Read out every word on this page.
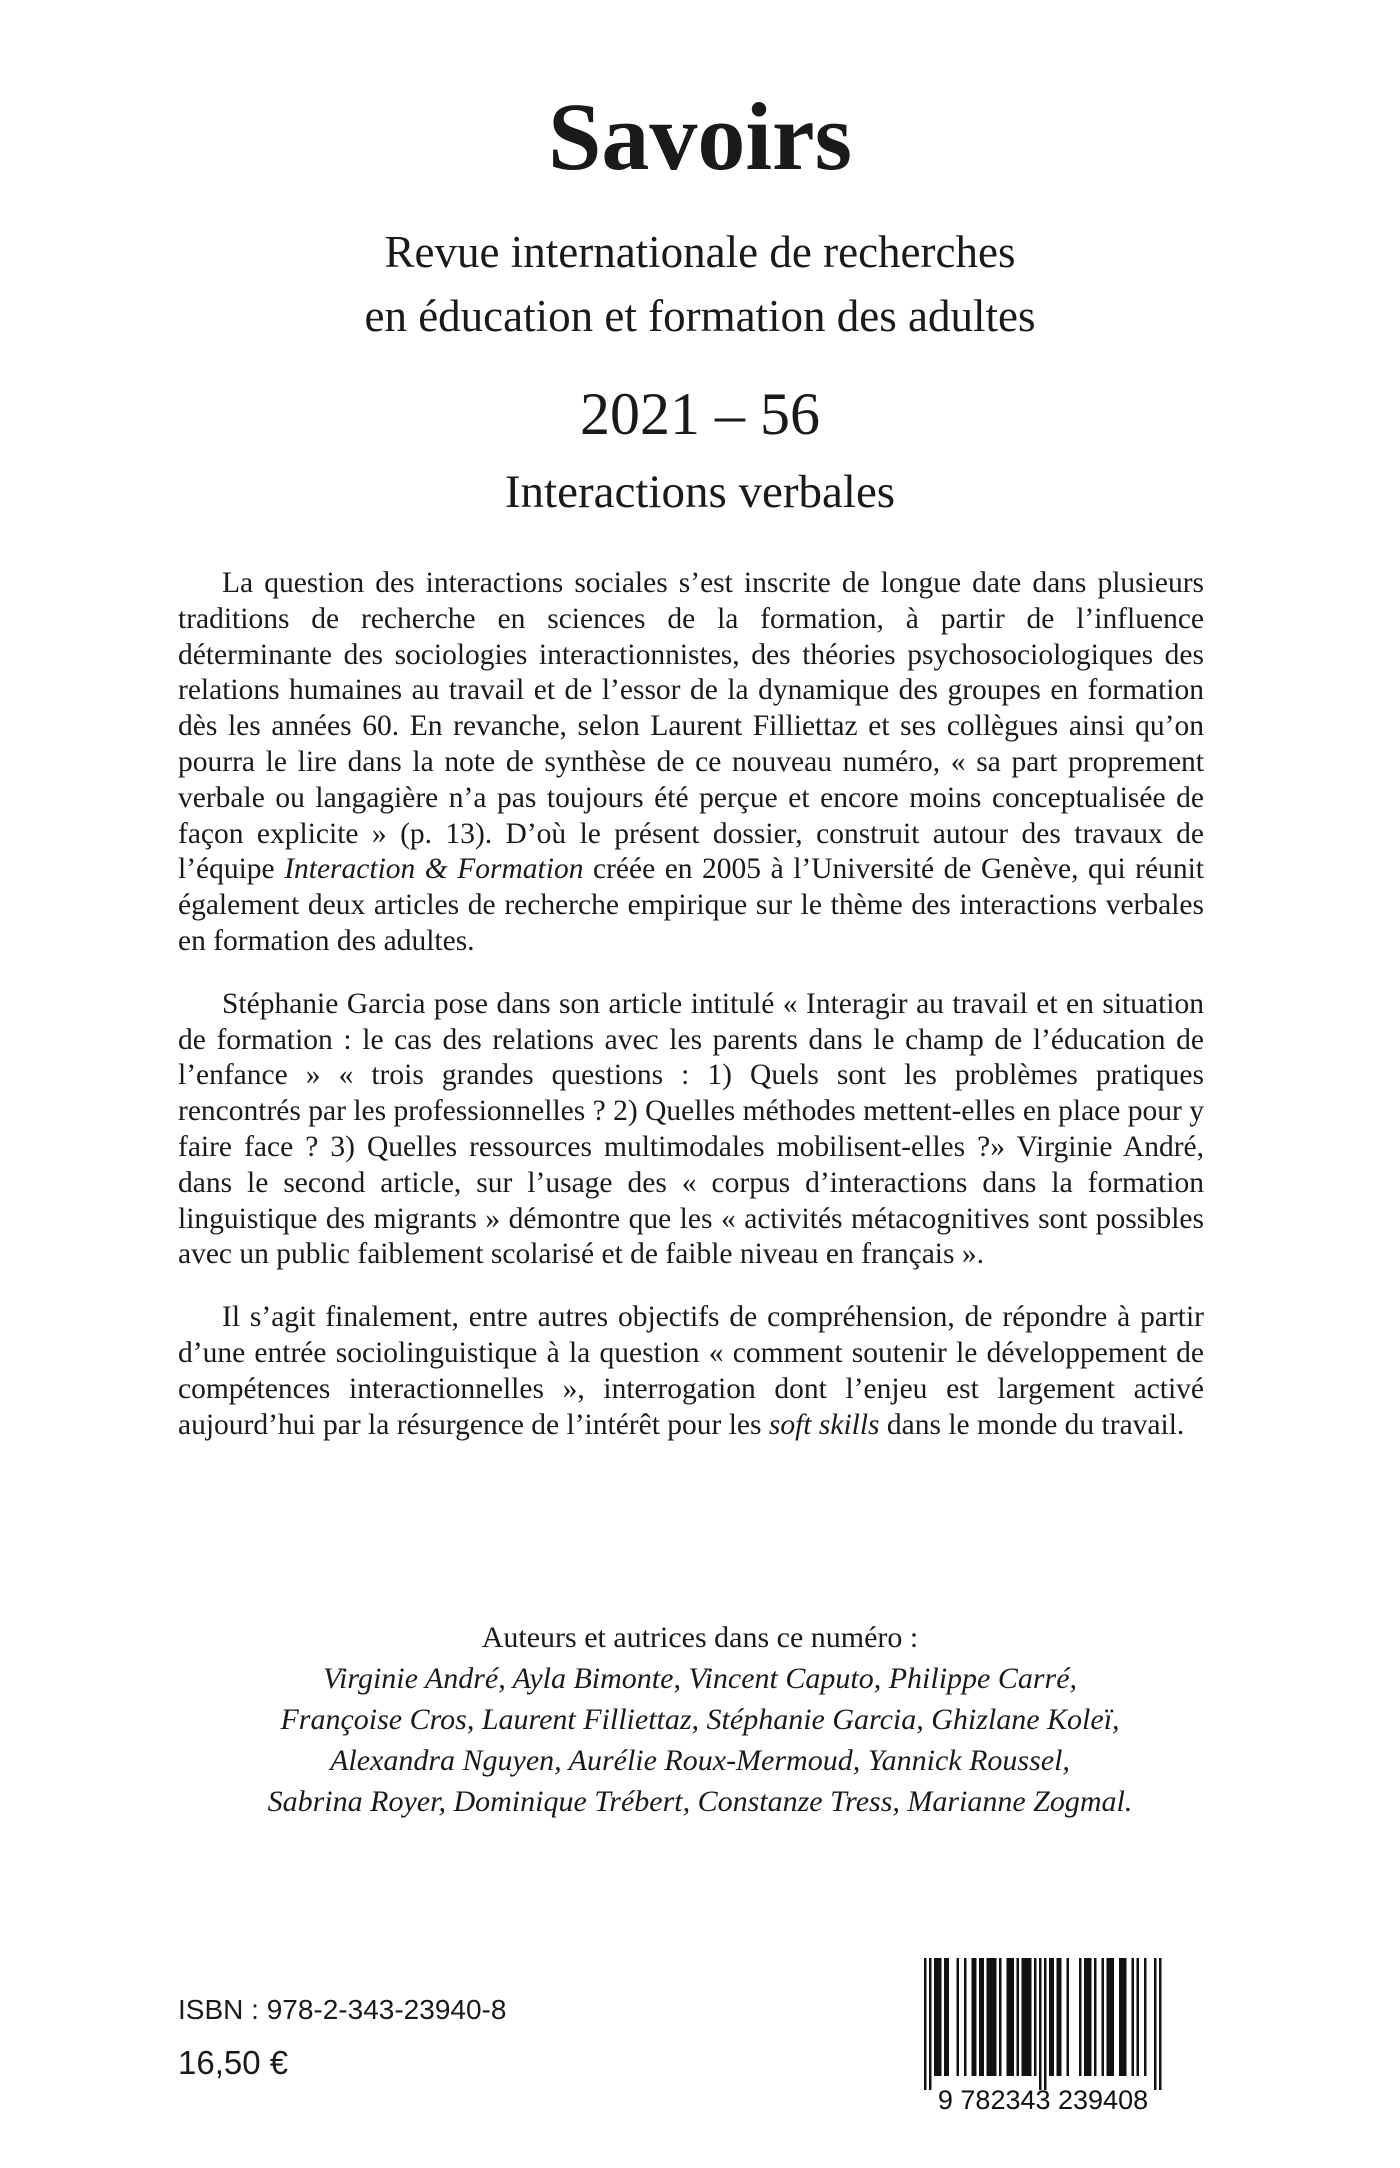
Savoirs
Revue internationale de recherches
en éducation et formation des adultes
2021 – 56
Interactions verbales

La question des interactions sociales s’est inscrite de longue date dans plusieurs traditions de recherche en sciences de la formation, à partir de l’influence déterminante des sociologies interactionnistes, des théories psychosociologiques des relations humaines au travail et de l’essor de la dynamique des groupes en formation dès les années 60. En revanche, selon Laurent Filliettaz et ses collègues ainsi qu’on pourra le lire dans la note de synthèse de ce nouveau numéro, « sa part proprement verbale ou langagière n’a pas toujours été perçue et encore moins conceptualisée de façon explicite » (p. 13). D’où le présent dossier, construit autour des travaux de l’équipe Interaction & Formation créée en 2005 à l’Université de Genève, qui réunit également deux articles de recherche empirique sur le thème des interactions verbales en formation des adultes.

Stéphanie Garcia pose dans son article intitulé « Interagir au travail et en situation de formation : le cas des relations avec les parents dans le champ de l’éducation de l’enfance » « trois grandes questions : 1) Quels sont les problèmes pratiques rencontrés par les professionnelles ? 2) Quelles méthodes mettent-elles en place pour y faire face ? 3) Quelles ressources multimodales mobilisent-elles ?» Virginie André, dans le second article, sur l’usage des « corpus d’interactions dans la formation linguistique des migrants » démontre que les « activités métacognitives sont possibles avec un public faiblement scolarisé et de faible niveau en français ».

Il s’agit finalement, entre autres objectifs de compréhension, de répondre à partir d’une entrée sociolinguistique à la question « comment soutenir le développement de compétences interactionnelles », interrogation dont l’enjeu est largement activé aujourd’hui par la résurgence de l’intérêt pour les soft skills dans le monde du travail.

Auteurs et autrices dans ce numéro :
Virginie André, Ayla Bimonte, Vincent Caputo, Philippe Carré,
Françoise Cros, Laurent Filliettaz, Stéphanie Garcia, Ghizlane Koleï,
Alexandra Nguyen, Aurélie Roux-Mermoud, Yannick Roussel,
Sabrina Royer, Dominique Trébert, Constanze Tress, Marianne Zogmal.
ISBN : 978-2-343-23940-8
16,50 €
9 782343 239408
